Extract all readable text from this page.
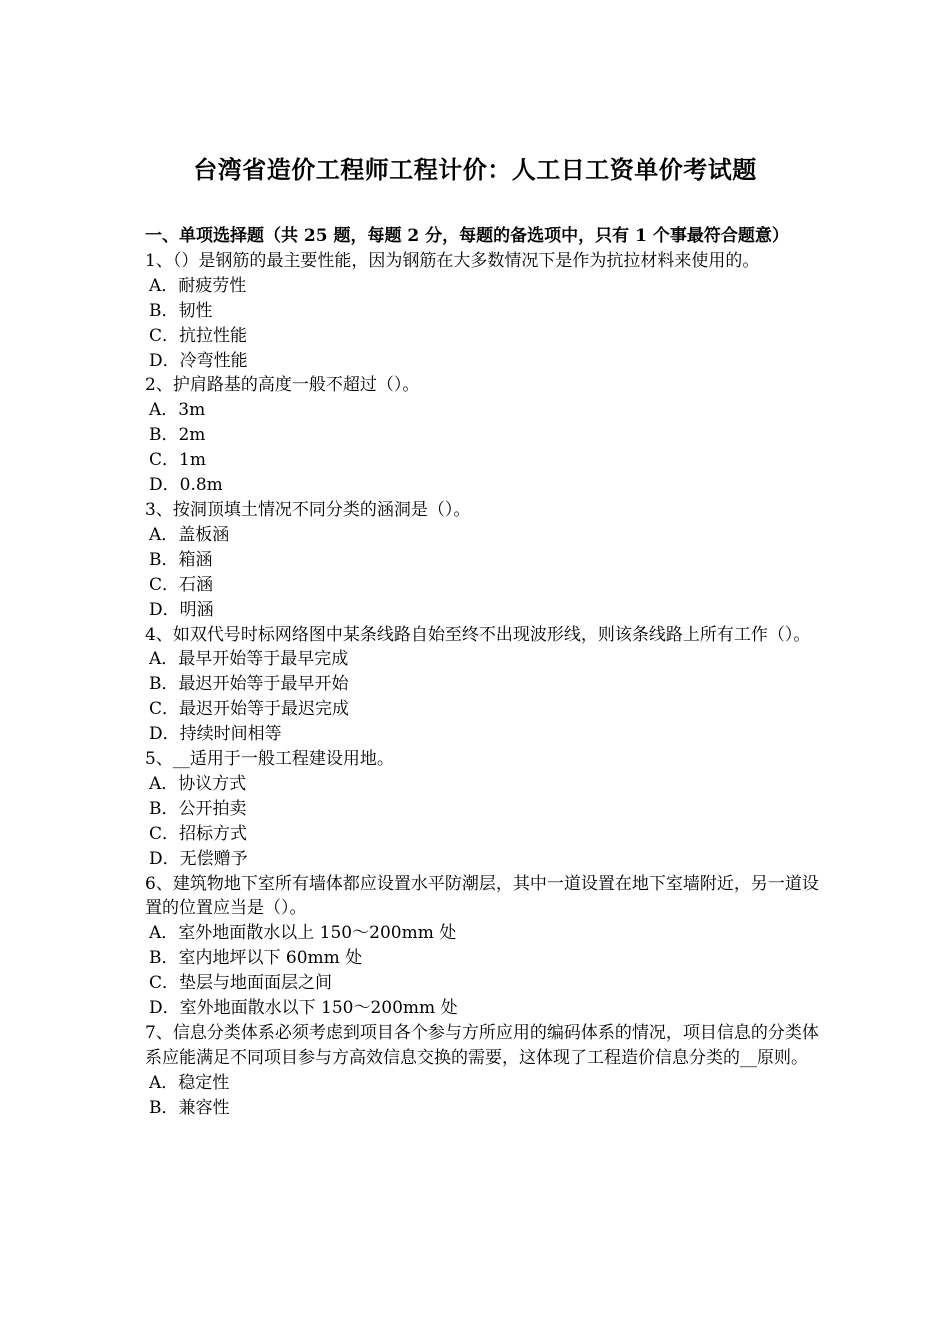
台湾省造价工程师工程计价：人工日工资单价考试题

一、单项选择题（共 25 题，每题 2 分，每题的备选项中，只有 1 个事最符合题意）

1、（）是钢筋的最主要性能，因为钢筋在大多数情况下是作为抗拉材料来使用的。

A．耐疲劳性

B．韧性

C．抗拉性能

D．冷弯性能

2、护肩路基的高度一般不超过（）。

A．3m

B．2m

C．1m

D．0.8m

3、按洞顶填土情况不同分类的涵洞是（）。

A．盖板涵

B．箱涵

C．石涵

D．明涵

4、如双代号时标网络图中某条线路自始至终不出现波形线，则该条线路上所有工作（）。

A．最早开始等于最早完成

B．最迟开始等于最早开始

C．最迟开始等于最迟完成

D．持续时间相等

5、__适用于一般工程建设用地。

A．协议方式

B．公开拍卖

C．招标方式

D．无偿赠予

6、建筑物地下室所有墙体都应设置水平防潮层，其中一道设置在地下室墙附近，另一道设置的位置应当是（）。

A．室外地面散水以上 150～200mm 处

B．室内地坪以下 60mm 处

C．垫层与地面面层之间

D．室外地面散水以下 150～200mm 处

7、信息分类体系必须考虑到项目各个参与方所应用的编码体系的情况，项目信息的分类体系应能满足不同项目参与方高效信息交换的需要，这体现了工程造价信息分类的__原则。

A．稳定性

B．兼容性
